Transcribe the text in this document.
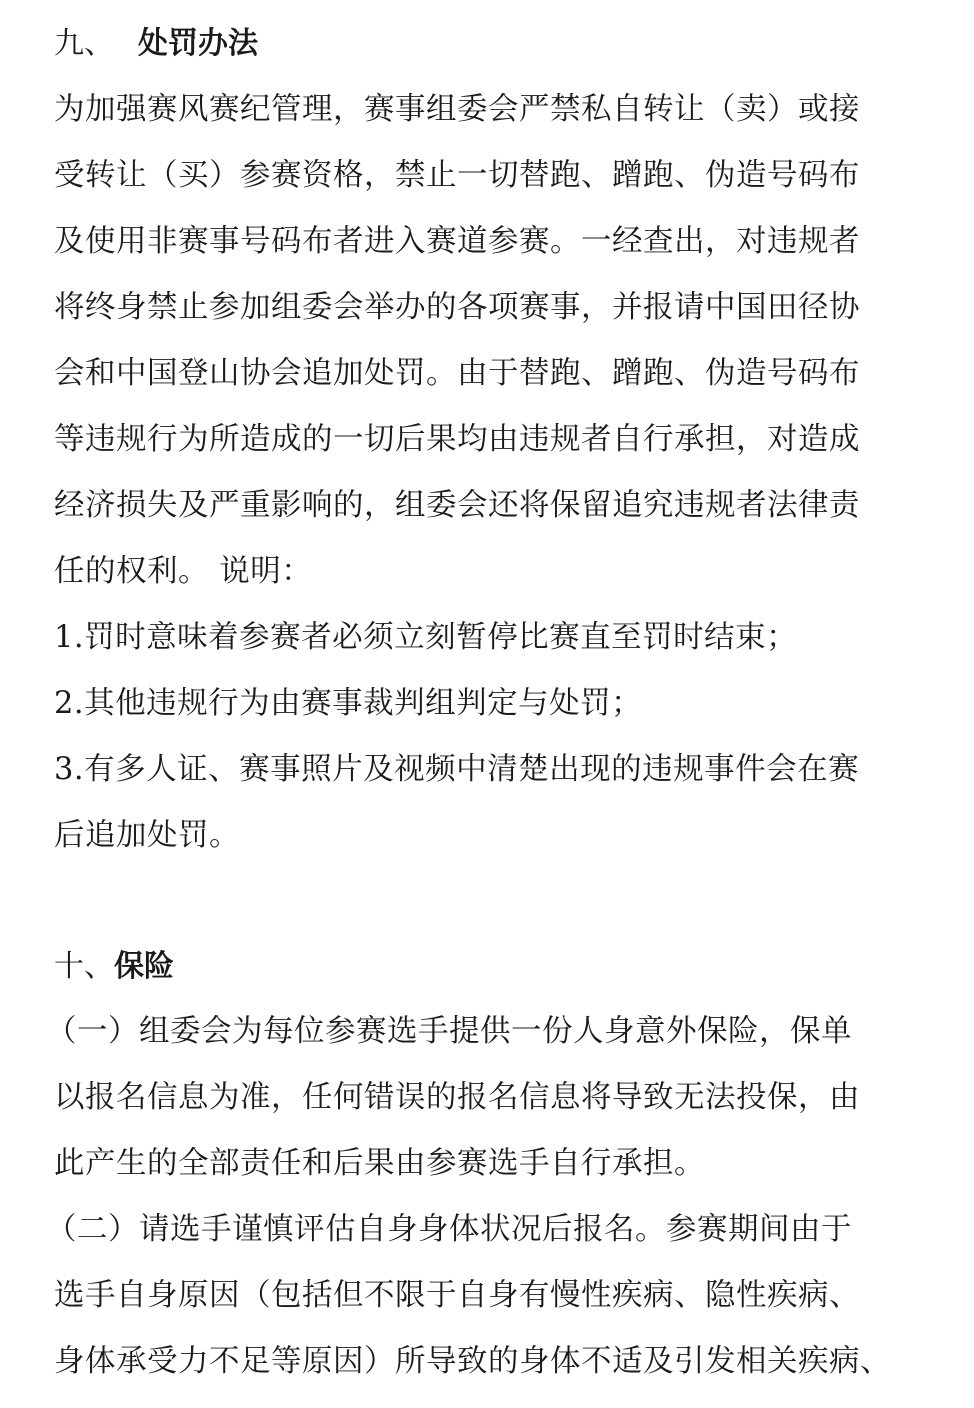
九、 处罚办法

为加强赛风赛纪管理，赛事组委会严禁私自转让（卖）或接
受转让（买）参赛资格，禁止一切替跑、蹭跑、伪造号码布
及使用非赛事号码布者进入赛道参赛。一经查出，对违规者
将终身禁止参加组委会举办的各项赛事，并报请中国田径协
会和中国登山协会追加处罚。由于替跑、蹭跑、伪造号码布
等违规行为所造成的一切后果均由违规者自行承担，对造成
经济损失及严重影响的，组委会还将保留追究违规者法律责
任的权利。 说明：

1.罚时意味着参赛者必须立刻暂停比赛直至罚时结束；
2.其他违规行为由赛事裁判组判定与处罚；
3.有多人证、赛事照片及视频中清楚出现的违规事件会在赛
后追加处罚。

十、保险

（一）组委会为每位参赛选手提供一份人身意外保险，保单
以报名信息为准，任何错误的报名信息将导致无法投保，由
此产生的全部责任和后果由参赛选手自行承担。

（二）请选手谨慎评估自身身体状况后报名。参赛期间由于
选手自身原因（包括但不限于自身有慢性疾病、隐性疾病、
身体承受力不足等原因）所导致的身体不适及引发相关疾病、
